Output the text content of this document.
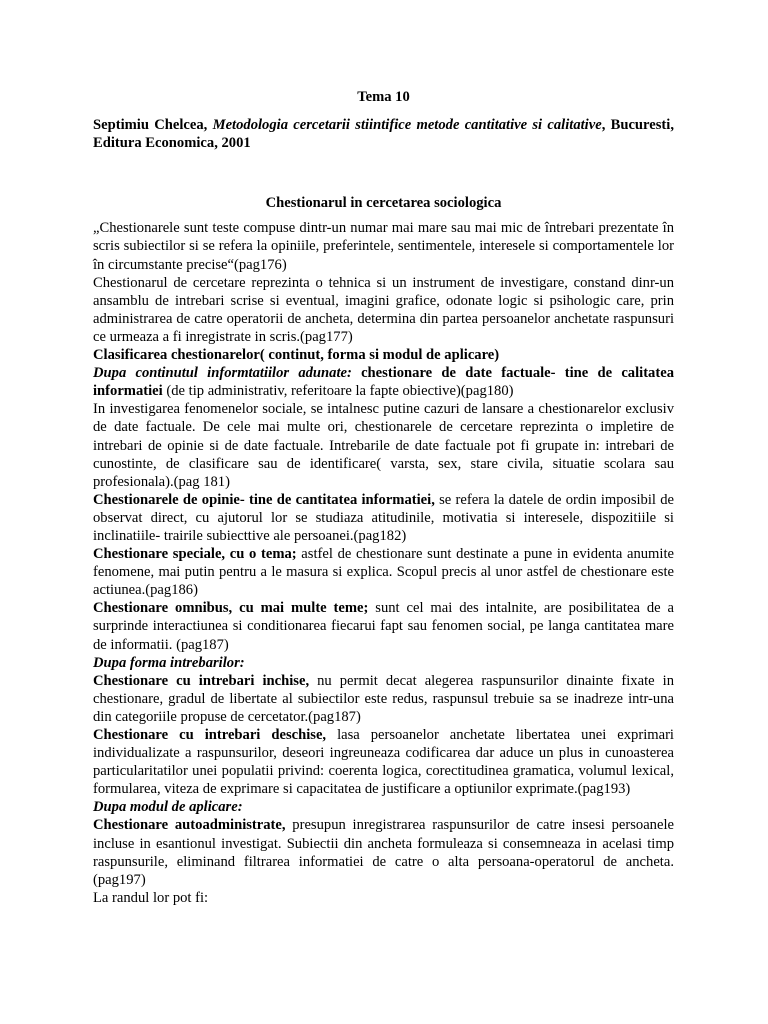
Tema 10

Septimiu Chelcea, Metodologia cercetarii stiintifice metode cantitative si calitative, Bucuresti, Editura Economica, 2001

Chestionarul in cercetarea sociologica

„Chestionarele sunt teste compuse dintr-un numar mai mare sau mai mic de întrebari prezentate în scris subiectilor si se refera la opiniile, preferintele, sentimentele, interesele si comportamentele lor în circumstante precise“(pag176)

Chestionarul de cercetare reprezinta o tehnica si un instrument de investigare, constand dinr-un ansamblu de intrebari scrise si eventual, imagini grafice, odonate logic si psihologic care, prin administrarea de catre operatorii de ancheta, determina din partea persoanelor anchetate raspunsuri ce urmeaza a fi inregistrate in scris.(pag177)

Clasificarea chestionarelor( continut, forma si modul de aplicare)

Dupa continutul informtatiilor adunate: chestionare de date factuale- tine de calitatea informatiei (de tip administrativ, referitoare la fapte obiective)(pag180)

In investigarea fenomenelor sociale, se intalnesc putine cazuri de lansare a chestionarelor exclusiv de date factuale. De cele mai multe ori, chestionarele de cercetare reprezinta o impletire de intrebari de opinie si de date factuale. Intrebarile de date factuale pot fi grupate in: intrebari de cunostinte, de clasificare sau de identificare( varsta, sex, stare civila, situatie scolara sau profesionala).(pag 181)

Chestionarele de opinie- tine de cantitatea informatiei, se refera la datele de ordin imposibil de observat direct, cu ajutorul lor se studiaza atitudinile, motivatia si interesele, dispozitiile si inclinatiile- trairile subiecttive ale persoanei.(pag182)

Chestionare speciale, cu o tema; astfel de chestionare sunt destinate a pune in evidenta anumite fenomene, mai putin pentru a le masura si explica. Scopul precis al unor astfel de chestionare este actiunea.(pag186)

Chestionare omnibus, cu mai multe teme; sunt cel mai des intalnite, are posibilitatea de a surprinde interactiunea si conditionarea fiecarui fapt sau fenomen social, pe langa cantitatea mare de informatii. (pag187)

Dupa forma intrebarilor:

Chestionare cu intrebari inchise, nu permit decat alegerea raspunsurilor dinainte fixate in chestionare, gradul de libertate al subiectilor este redus, raspunsul trebuie sa se inadreze intr-una din categoriile propuse de cercetator.(pag187)

Chestionare cu intrebari deschise, lasa persoanelor anchetate libertatea unei exprimari individualizate a raspunsurilor, deseori ingreuneaza codificarea dar aduce un plus in cunoasterea particularitatilor unei populatii privind: coerenta logica, corectitudinea gramatica, volumul lexical, formularea, viteza de exprimare si capacitatea de justificare a optiunilor exprimate.(pag193)

Dupa modul de aplicare:

Chestionare autoadministrate, presupun inregistrarea raspunsurilor de catre insesi persoanele incluse in esantionul investigat. Subiectii din ancheta formuleaza si consemneaza in acelasi timp raspunsurile, eliminand filtrarea informatiei de catre o alta persoana-operatorul de ancheta.(pag197)

La randul lor pot fi:
